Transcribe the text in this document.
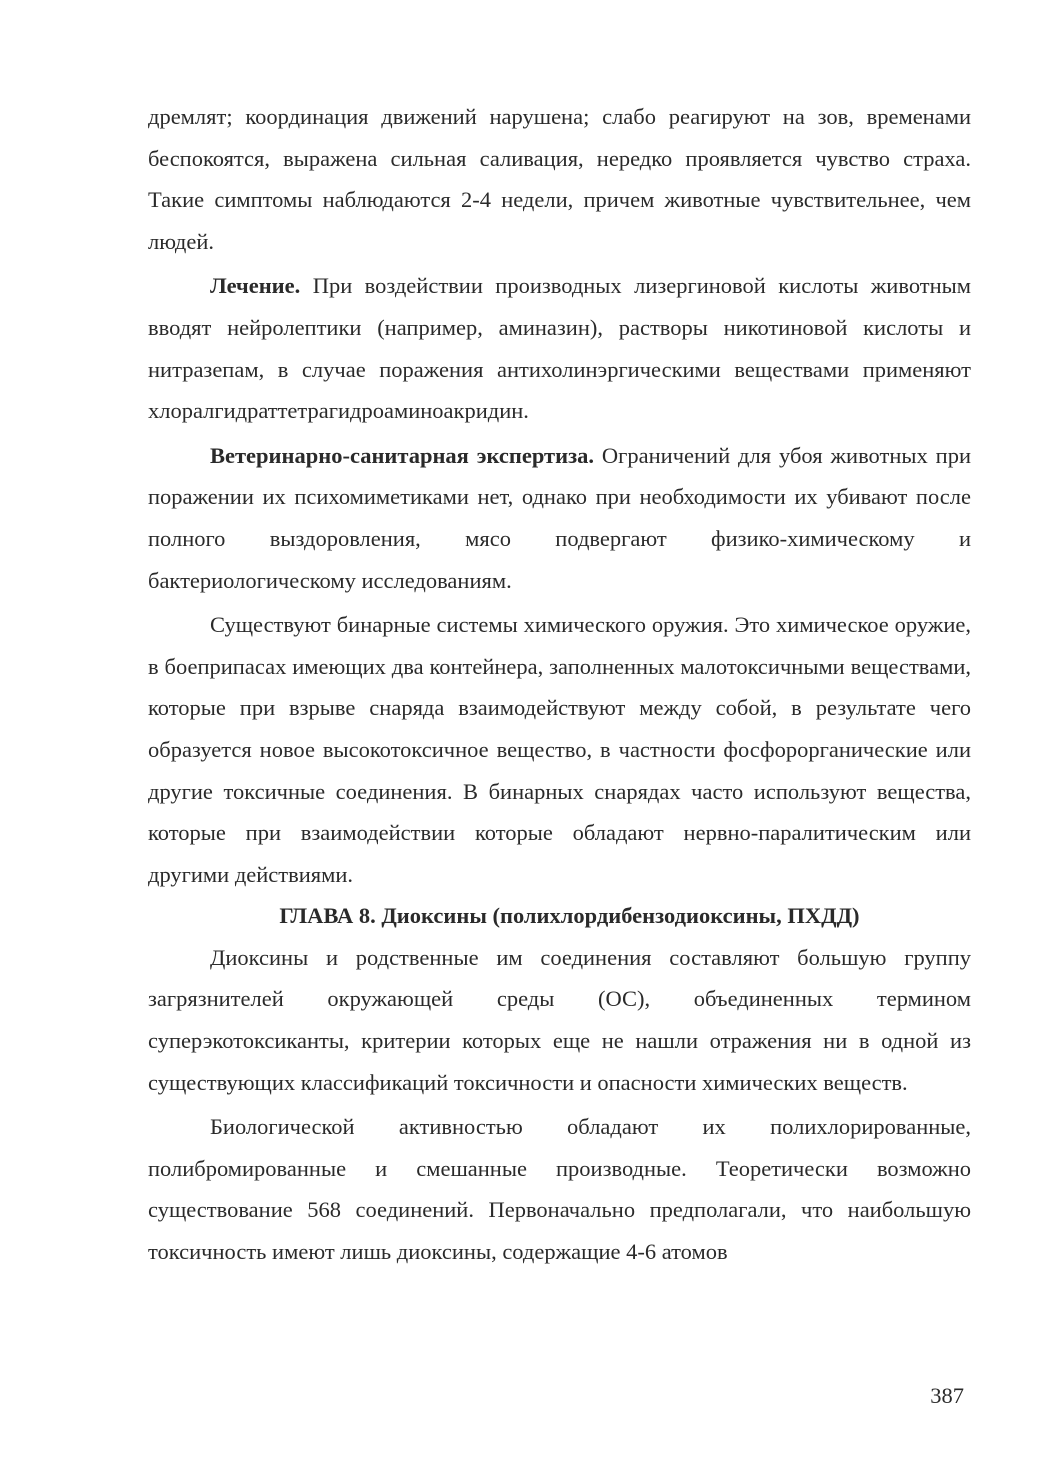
дремлят; координация движений нарушена; слабо реагируют на зов, временами беспокоятся, выражена сильная саливация, нередко проявляется чувство страха. Такие симптомы наблюдаются 2-4 недели, причем животные чувствительнее, чем людей.

Лечение. При воздействии производных лизергиновой кислоты животным вводят нейролептики (например, аминазин), растворы никотиновой кислоты и нитразепам, в случае поражения антихолинэргическими веществами применяют хлоралгидраттетрагидроаминоакридин.

Ветеринарно-санитарная экспертиза. Ограничений для убоя животных при поражении их психомиметиками нет, однако при необходимости их убивают после полного выздоровления, мясо подвергают физико-химическому и бактериологическому исследованиям.

Существуют бинарные системы химического оружия. Это химическое оружие, в боеприпасах имеющих два контейнера, заполненных малотоксичными веществами, которые при взрыве снаряда взаимодействуют между собой, в результате чего образуется новое высокотоксичное вещество, в частности фосфорорганические или другие токсичные соединения. В бинарных снарядах часто используют вещества, которые при взаимодействии которые обладают нервно-паралитическим или другими действиями.

ГЛАВА 8. Диоксины (полихлордибензодиоксины, ПХДД)

Диоксины и родственные им соединения составляют большую группу загрязнителей окружающей среды (ОС), объединенных термином суперэкотоксиканты, критерии которых еще не нашли отражения ни в одной из существующих классификаций токсичности и опасности химических веществ.

Биологической активностью обладают их полихлорированные, полибромированные и смешанные производные. Теоретически возможно существование 568 соединений. Первоначально предполагали, что наибольшую токсичность имеют лишь диоксины, содержащие 4-6 атомов

387
